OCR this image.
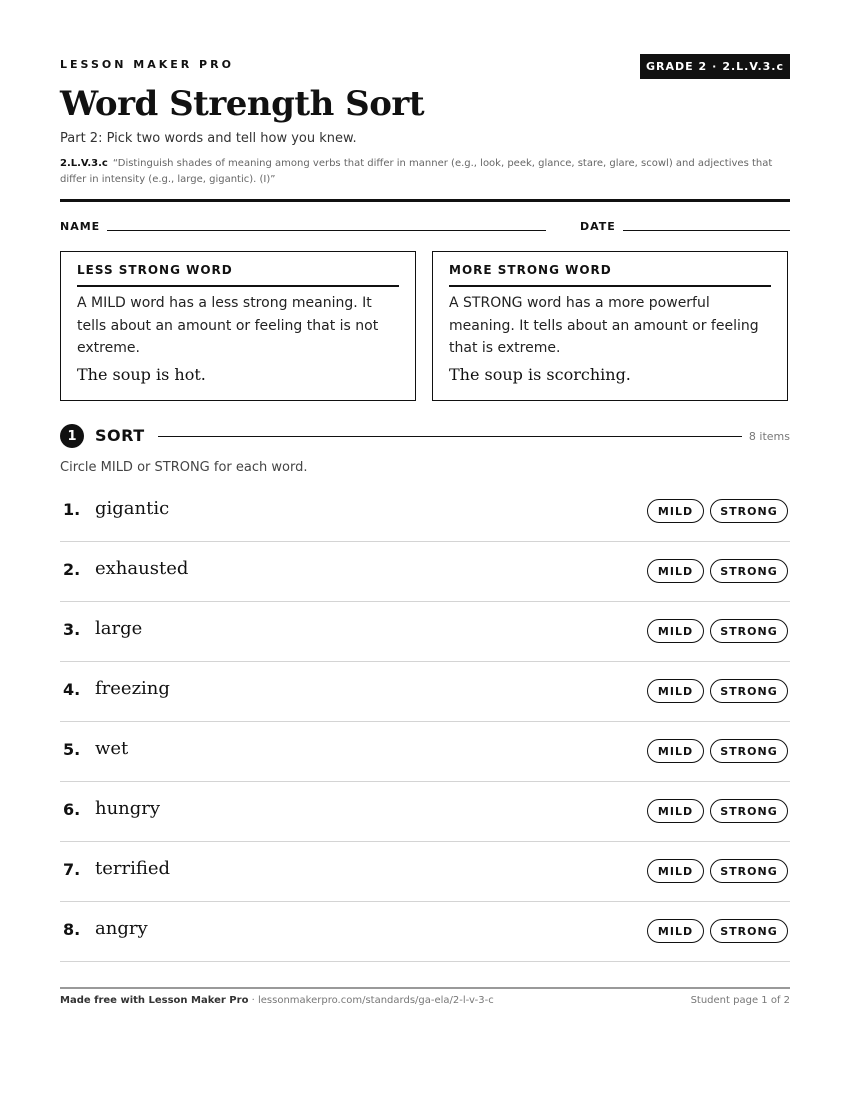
LESSON MAKER PRO	GRADE 2 · 2.L.V.3.c
Word Strength Sort
Part 2: Pick two words and tell how you knew.
2.L.V.3.c “Distinguish shades of meaning among verbs that differ in manner (e.g., look, peek, glance, stare, glare, scowl) and adjectives that differ in intensity (e.g., large, gigantic). (I)”
NAME	DATE
LESS STRONG WORD
A MILD word has a less strong meaning. It tells about an amount or feeling that is not extreme.
The soup is hot.
MORE STRONG WORD
A STRONG word has a more powerful meaning. It tells about an amount or feeling that is extreme.
The soup is scorching.
1	SORT	8 items
Circle MILD or STRONG for each word.
1. gigantic	MILD	STRONG
2. exhausted	MILD	STRONG
3. large	MILD	STRONG
4. freezing	MILD	STRONG
5. wet	MILD	STRONG
6. hungry	MILD	STRONG
7. terrified	MILD	STRONG
8. angry	MILD	STRONG
Made free with Lesson Maker Pro · lessonmakerpro.com/standards/ga-ela/2-l-v-3-c	Student page 1 of 2
